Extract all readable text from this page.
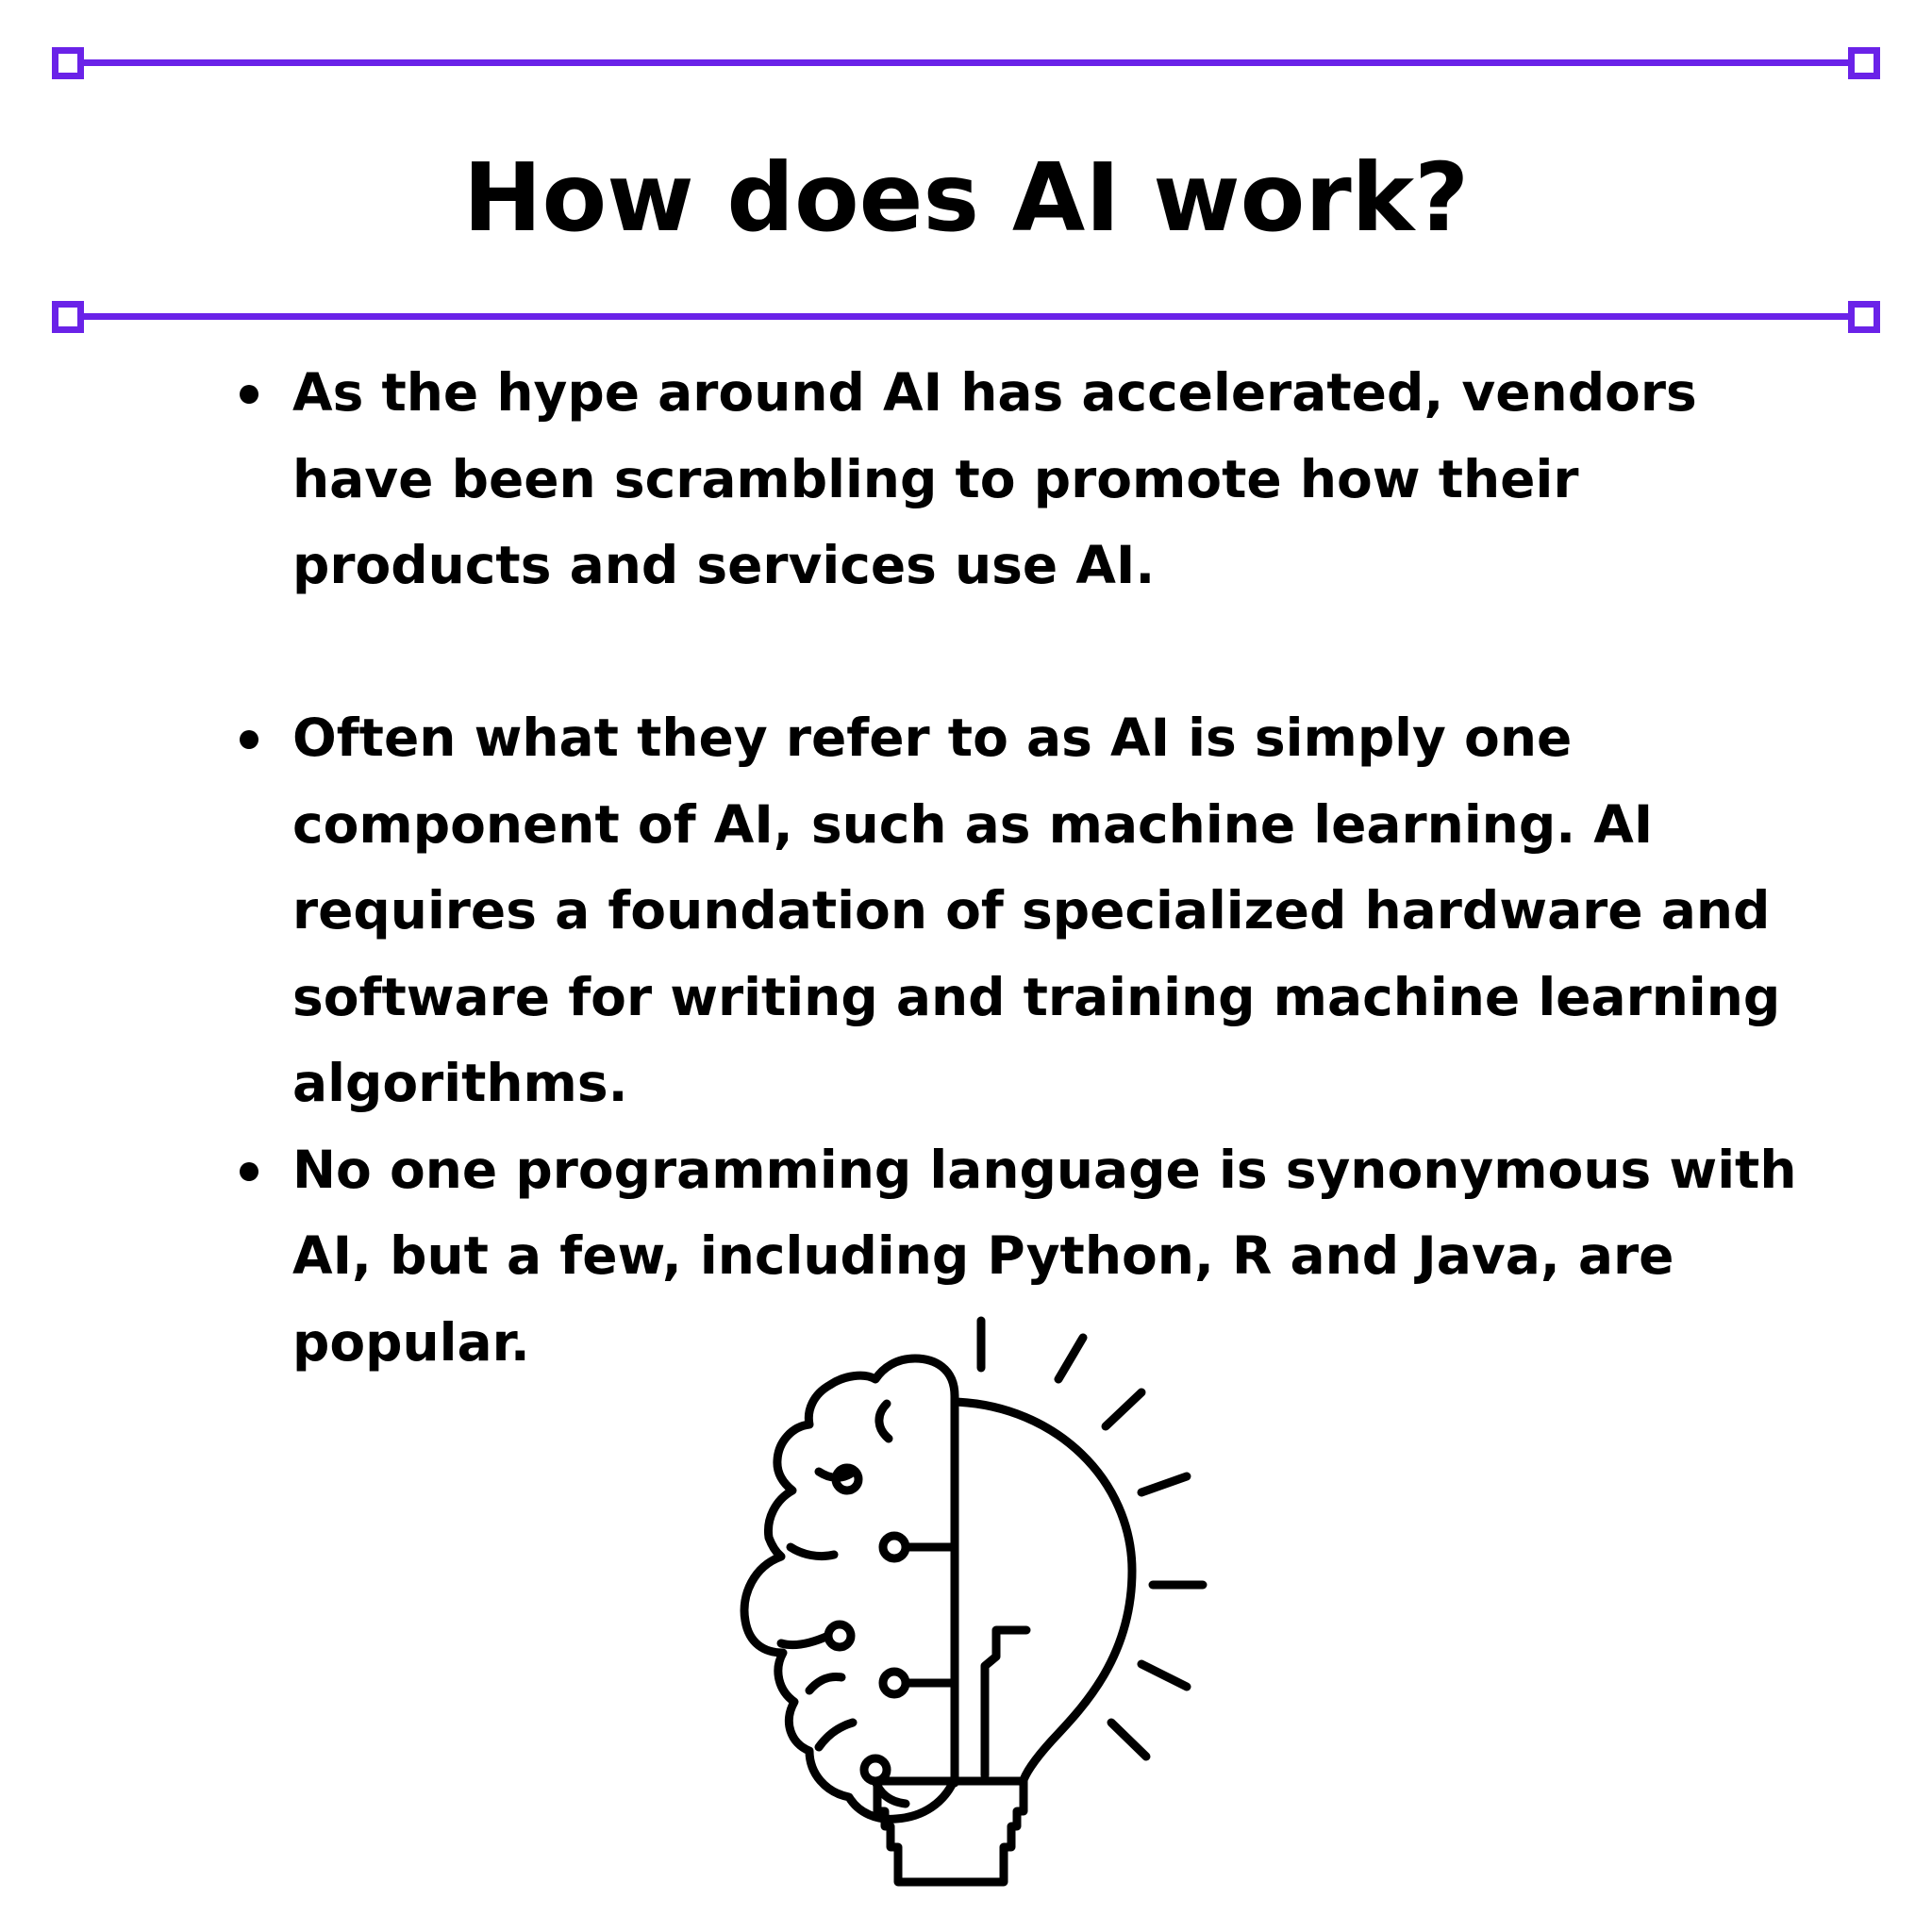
How does AI work?
As the hype around AI has accelerated, vendors have been scrambling to promote how their products and services use AI.
Often what they refer to as AI is simply one component of AI, such as machine learning. AI requires a foundation of specialized hardware and software for writing and training machine learning algorithms.
No one programming language is synonymous with AI, but a few, including Python, R and Java, are popular.
